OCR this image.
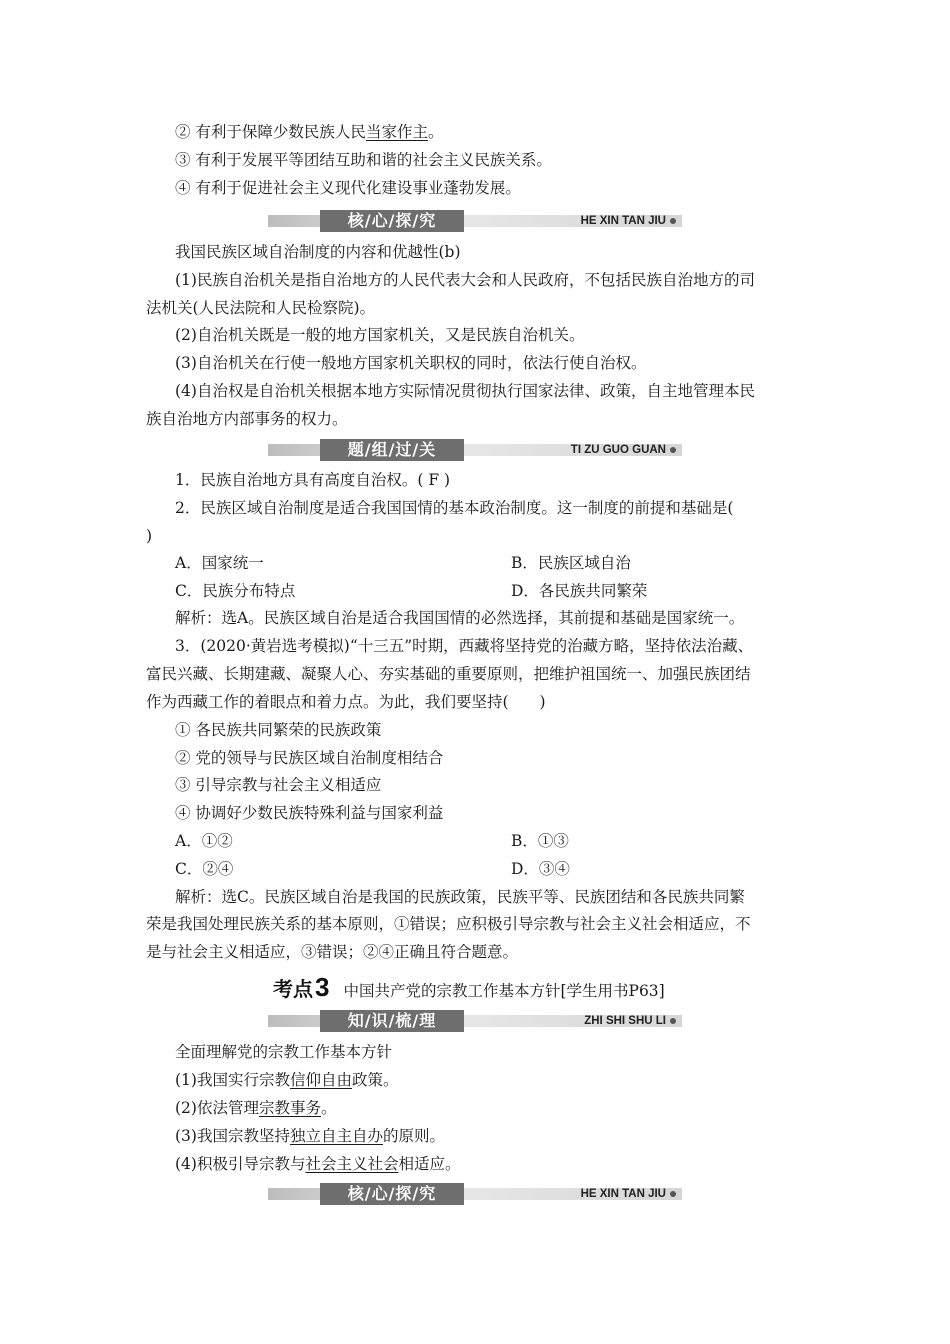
② 有利于保障少数民族人民当家作主。
③ 有利于发展平等团结互助和谐的社会主义民族关系。
④ 有利于促进社会主义现代化建设事业蓬勃发展。
核/心/探/究	HE XIN TAN JIU
我国民族区域自治制度的内容和优越性(b)
(1)民族自治机关是指自治地方的人民代表大会和人民政府，不包括民族自治地方的司
法机关(人民法院和人民检察院)。
(2)自治机关既是一般的地方国家机关，又是民族自治机关。
(3)自治机关在行使一般地方国家机关职权的同时，依法行使自治权。
(4)自治权是自治机关根据本地方实际情况贯彻执行国家法律、政策，自主地管理本民
族自治地方内部事务的权力。
题/组/过/关	TI ZU GUO GUAN
1．民族自治地方具有高度自治权。( F )
2．民族区域自治制度是适合我国国情的基本政治制度。这一制度的前提和基础是(
)
A．国家统一	B．民族区域自治
C．民族分布特点	D．各民族共同繁荣
解析：选A。民族区域自治是适合我国国情的必然选择，其前提和基础是国家统一。
3．(2020·黄岩选考模拟)“十三五”时期，西藏将坚持党的治藏方略，坚持依法治藏、
富民兴藏、长期建藏、凝聚人心、夯实基础的重要原则，把维护祖国统一、加强民族团结
作为西藏工作的着眼点和着力点。为此，我们要坚持(　　)
① 各民族共同繁荣的民族政策
② 党的领导与民族区域自治制度相结合
③ 引导宗教与社会主义相适应
④ 协调好少数民族特殊利益与国家利益
A．①②	B．①③
C．②④	D．③④
解析：选C。民族区域自治是我国的民族政策，民族平等、民族团结和各民族共同繁
荣是我国处理民族关系的基本原则，①错误；应积极引导宗教与社会主义社会相适应，不
是与社会主义相适应，③错误；②④正确且符合题意。
考点3 中国共产党的宗教工作基本方针[学生用书P63]
知/识/梳/理	ZHI SHI SHU LI
全面理解党的宗教工作基本方针
(1)我国实行宗教信仰自由政策。
(2)依法管理宗教事务。
(3)我国宗教坚持独立自主自办的原则。
(4)积极引导宗教与社会主义社会相适应。
核/心/探/究	HE XIN TAN JIU
